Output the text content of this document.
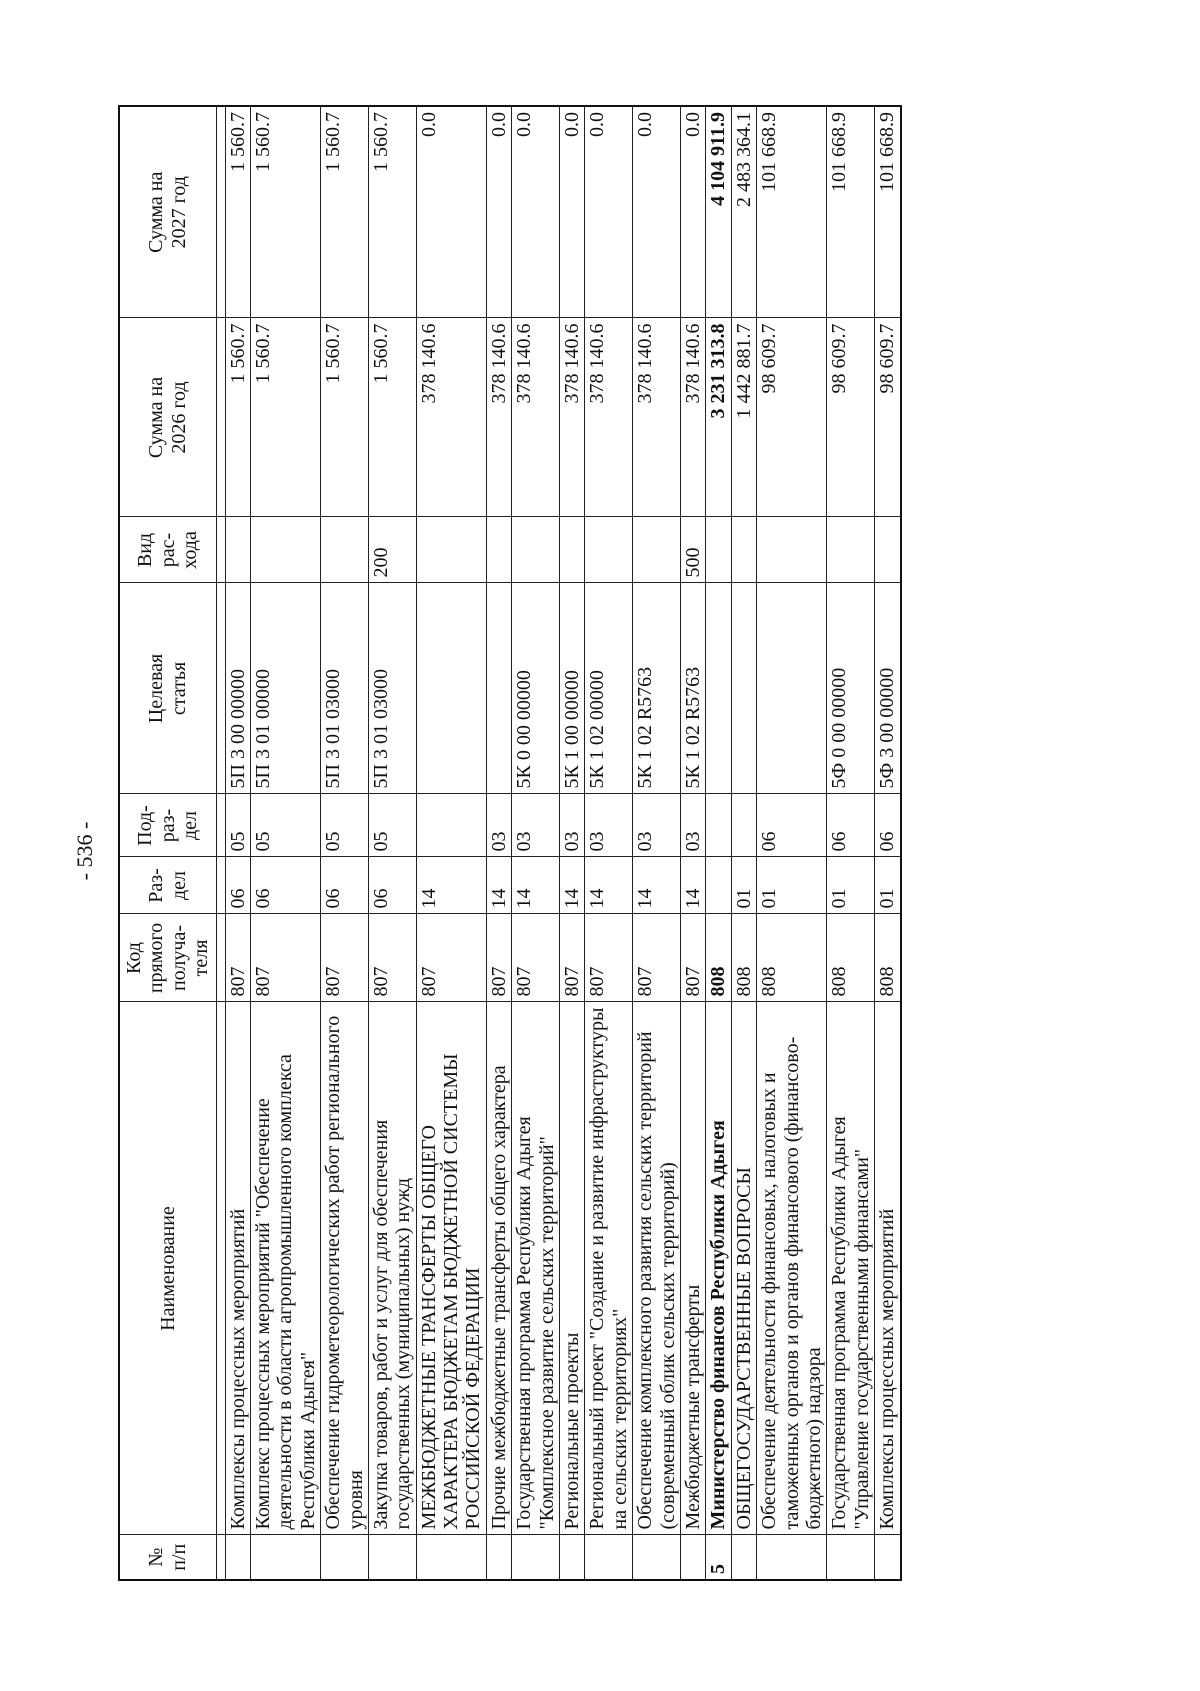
- 536 -
№
п/п	Наименование	Код
прямого
получа-
теля	Раз-
дел	Под-
раз-
дел	Целевая
статья	Вид
рас-
хода	Сумма на
2026 год	Сумма на
2027 год

	Комплексы процессных мероприятий	807	06	05	5П 3 00 00000		1 560.7	1 560.7
	Комплекс процессных мероприятий "Обеспечение деятельности в области агропромышленного комплекса Республики Адыгея"	807	06	05	5П 3 01 00000		1 560.7	1 560.7
	Обеспечение гидрометеорологических работ регионального уровня	807	06	05	5П 3 01 03000		1 560.7	1 560.7
	Закупка товаров, работ и услуг для обеспечения государственных (муниципальных) нужд	807	06	05	5П 3 01 03000	200	1 560.7	1 560.7
	МЕЖБЮДЖЕТНЫЕ ТРАНСФЕРТЫ ОБЩЕГО ХАРАКТЕРА БЮДЖЕТАМ БЮДЖЕТНОЙ СИСТЕМЫ РОССИЙСКОЙ ФЕДЕРАЦИИ	807	14				378 140.6	0.0
	Прочие межбюджетные трансферты общего характера	807	14	03			378 140.6	0.0
	Государственная программа Республики Адыгея "Комплексное развитие сельских территорий"	807	14	03	5К 0 00 00000		378 140.6	0.0
	Региональные проекты	807	14	03	5К 1 00 00000		378 140.6	0.0
	Региональный проект "Создание и развитие инфраструктуры на сельских территориях"	807	14	03	5К 1 02 00000		378 140.6	0.0
	Обеспечение комплексного развития сельских территорий (современный облик сельских территорий)	807	14	03	5К 1 02 R5763		378 140.6	0.0
	Межбюджетные трансферты	807	14	03	5К 1 02 R5763	500	378 140.6	0.0
5	Министерство финансов Республики Адыгея	808					3 231 313.8	4 104 911.9
	ОБЩЕГОСУДАРСТВЕННЫЕ ВОПРОСЫ	808	01				1 442 881.7	2 483 364.1
	Обеспечение деятельности финансовых, налоговых и таможенных органов и органов финансового (финансово-бюджетного) надзора	808	01	06			98 609.7	101 668.9
	Государственная программа Республики Адыгея "Управление государственными финансами"	808	01	06	5Ф 0 00 00000		98 609.7	101 668.9
	Комплексы процессных мероприятий	808	01	06	5Ф 3 00 00000		98 609.7	101 668.9
